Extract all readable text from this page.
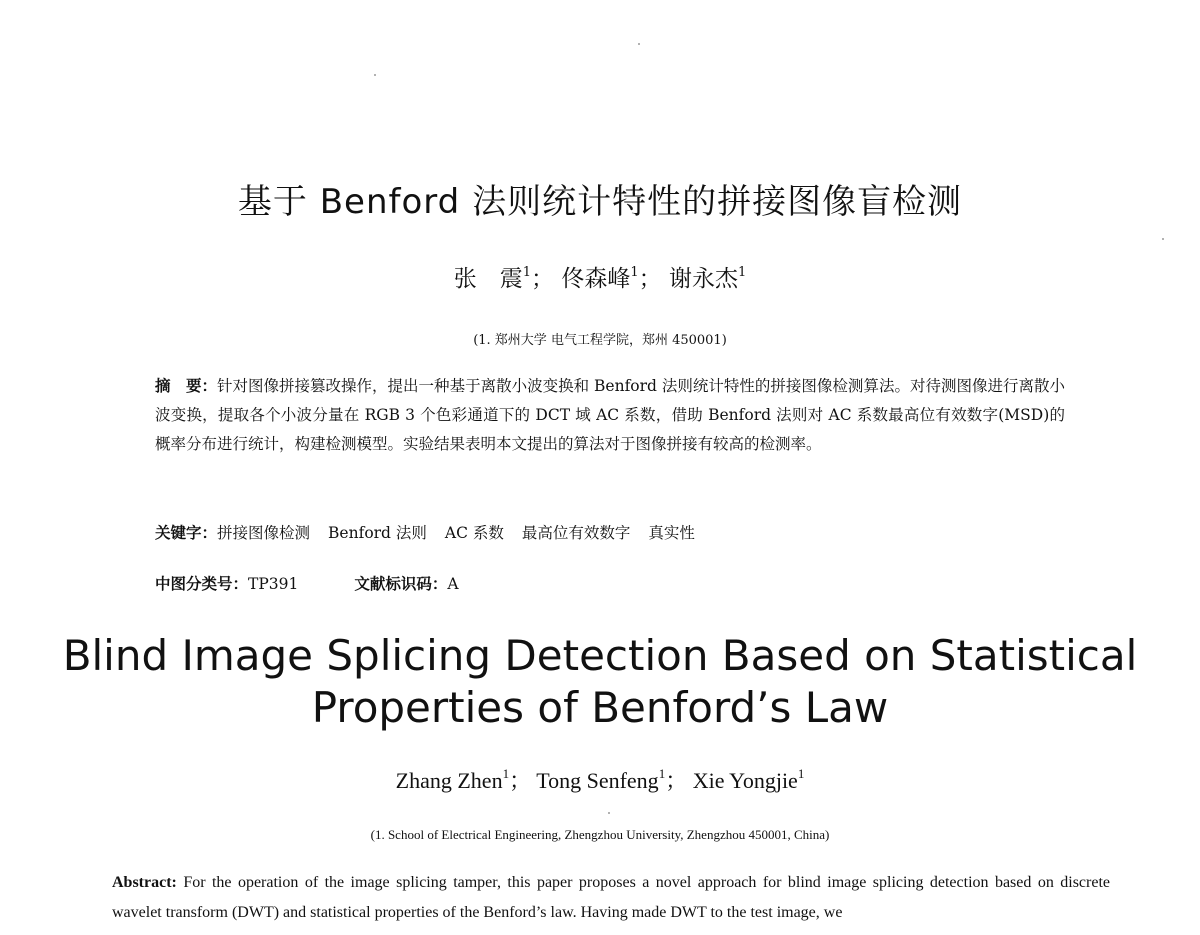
基于 Benford 法则统计特性的拼接图像盲检测
张　震$^1$； 佟森峰$^1$； 谢永杰$^1$
(1. 郑州大学 电气工程学院，郑州 450001)
摘　要：针对图像拼接篡改操作，提出一种基于离散小波变换和 Benford 法则统计特性的拼接图像检测算法。对待测图像进行离散小波变换，提取各个小波分量在 RGB 3 个色彩通道下的 DCT 域 AC 系数，借助 Benford 法则对 AC 系数最高位有效数字(MSD)的概率分布进行统计，构建检测模型。实验结果表明本文提出的算法对于图像拼接有较高的检测率。
关键字：拼接图像检测 Benford 法则 AC 系数 最高位有效数字 真实性
中图分类号：TP391	文献标识码：A
Blind Image Splicing Detection Based on Statistical Properties of Benford’s Law
Zhang Zhen$^1$； Tong Senfeng$^1$； Xie Yongjie$^1$
(1. School of Electrical Engineering, Zhengzhou University, Zhengzhou 450001, China)
Abstract: For the operation of the image splicing tamper, this paper proposes a novel approach for blind image splicing detection based on discrete wavelet transform (DWT) and statistical properties of the Benford’s law. Having made DWT to the test image, we
